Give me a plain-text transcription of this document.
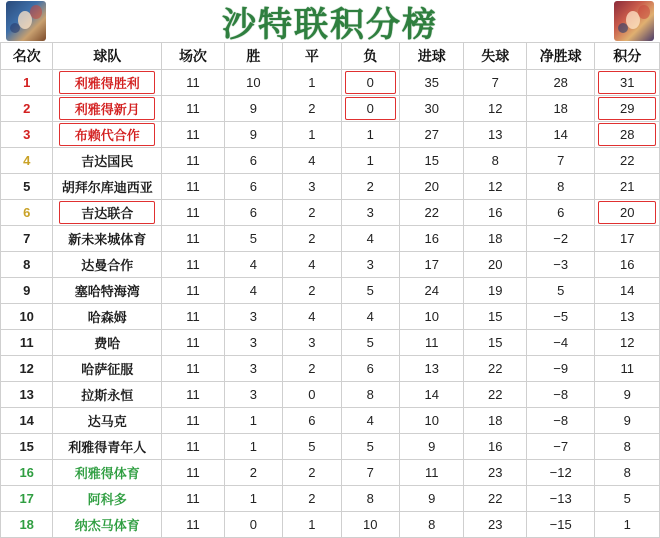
沙特联积分榜
名次	球队	场次	胜	平	负	进球	失球	净胜球	积分
1	利雅得胜利	11	10	1	0	35	7	28	31
2	利雅得新月	11	9	2	0	30	12	18	29
3	布赖代合作	11	9	1	1	27	13	14	28
4	吉达国民	11	6	4	1	15	8	7	22
5	胡拜尔库迪西亚	11	6	3	2	20	12	8	21
6	吉达联合	11	6	2	3	22	16	6	20
7	新未来城体育	11	5	2	4	16	18	−2	17
8	达曼合作	11	4	4	3	17	20	−3	16
9	塞哈特海湾	11	4	2	5	24	19	5	14
10	哈森姆	11	3	4	4	10	15	−5	13
11	费哈	11	3	3	5	11	15	−4	12
12	哈萨征服	11	3	2	6	13	22	−9	11
13	拉斯永恒	11	3	0	8	14	22	−8	9
14	达马克	11	1	6	4	10	18	−8	9
15	利雅得青年人	11	1	5	5	9	16	−7	8
16	利雅得体育	11	2	2	7	11	23	−12	8
17	阿科多	11	1	2	8	9	22	−13	5
18	纳杰马体育	11	0	1	10	8	23	−15	1
